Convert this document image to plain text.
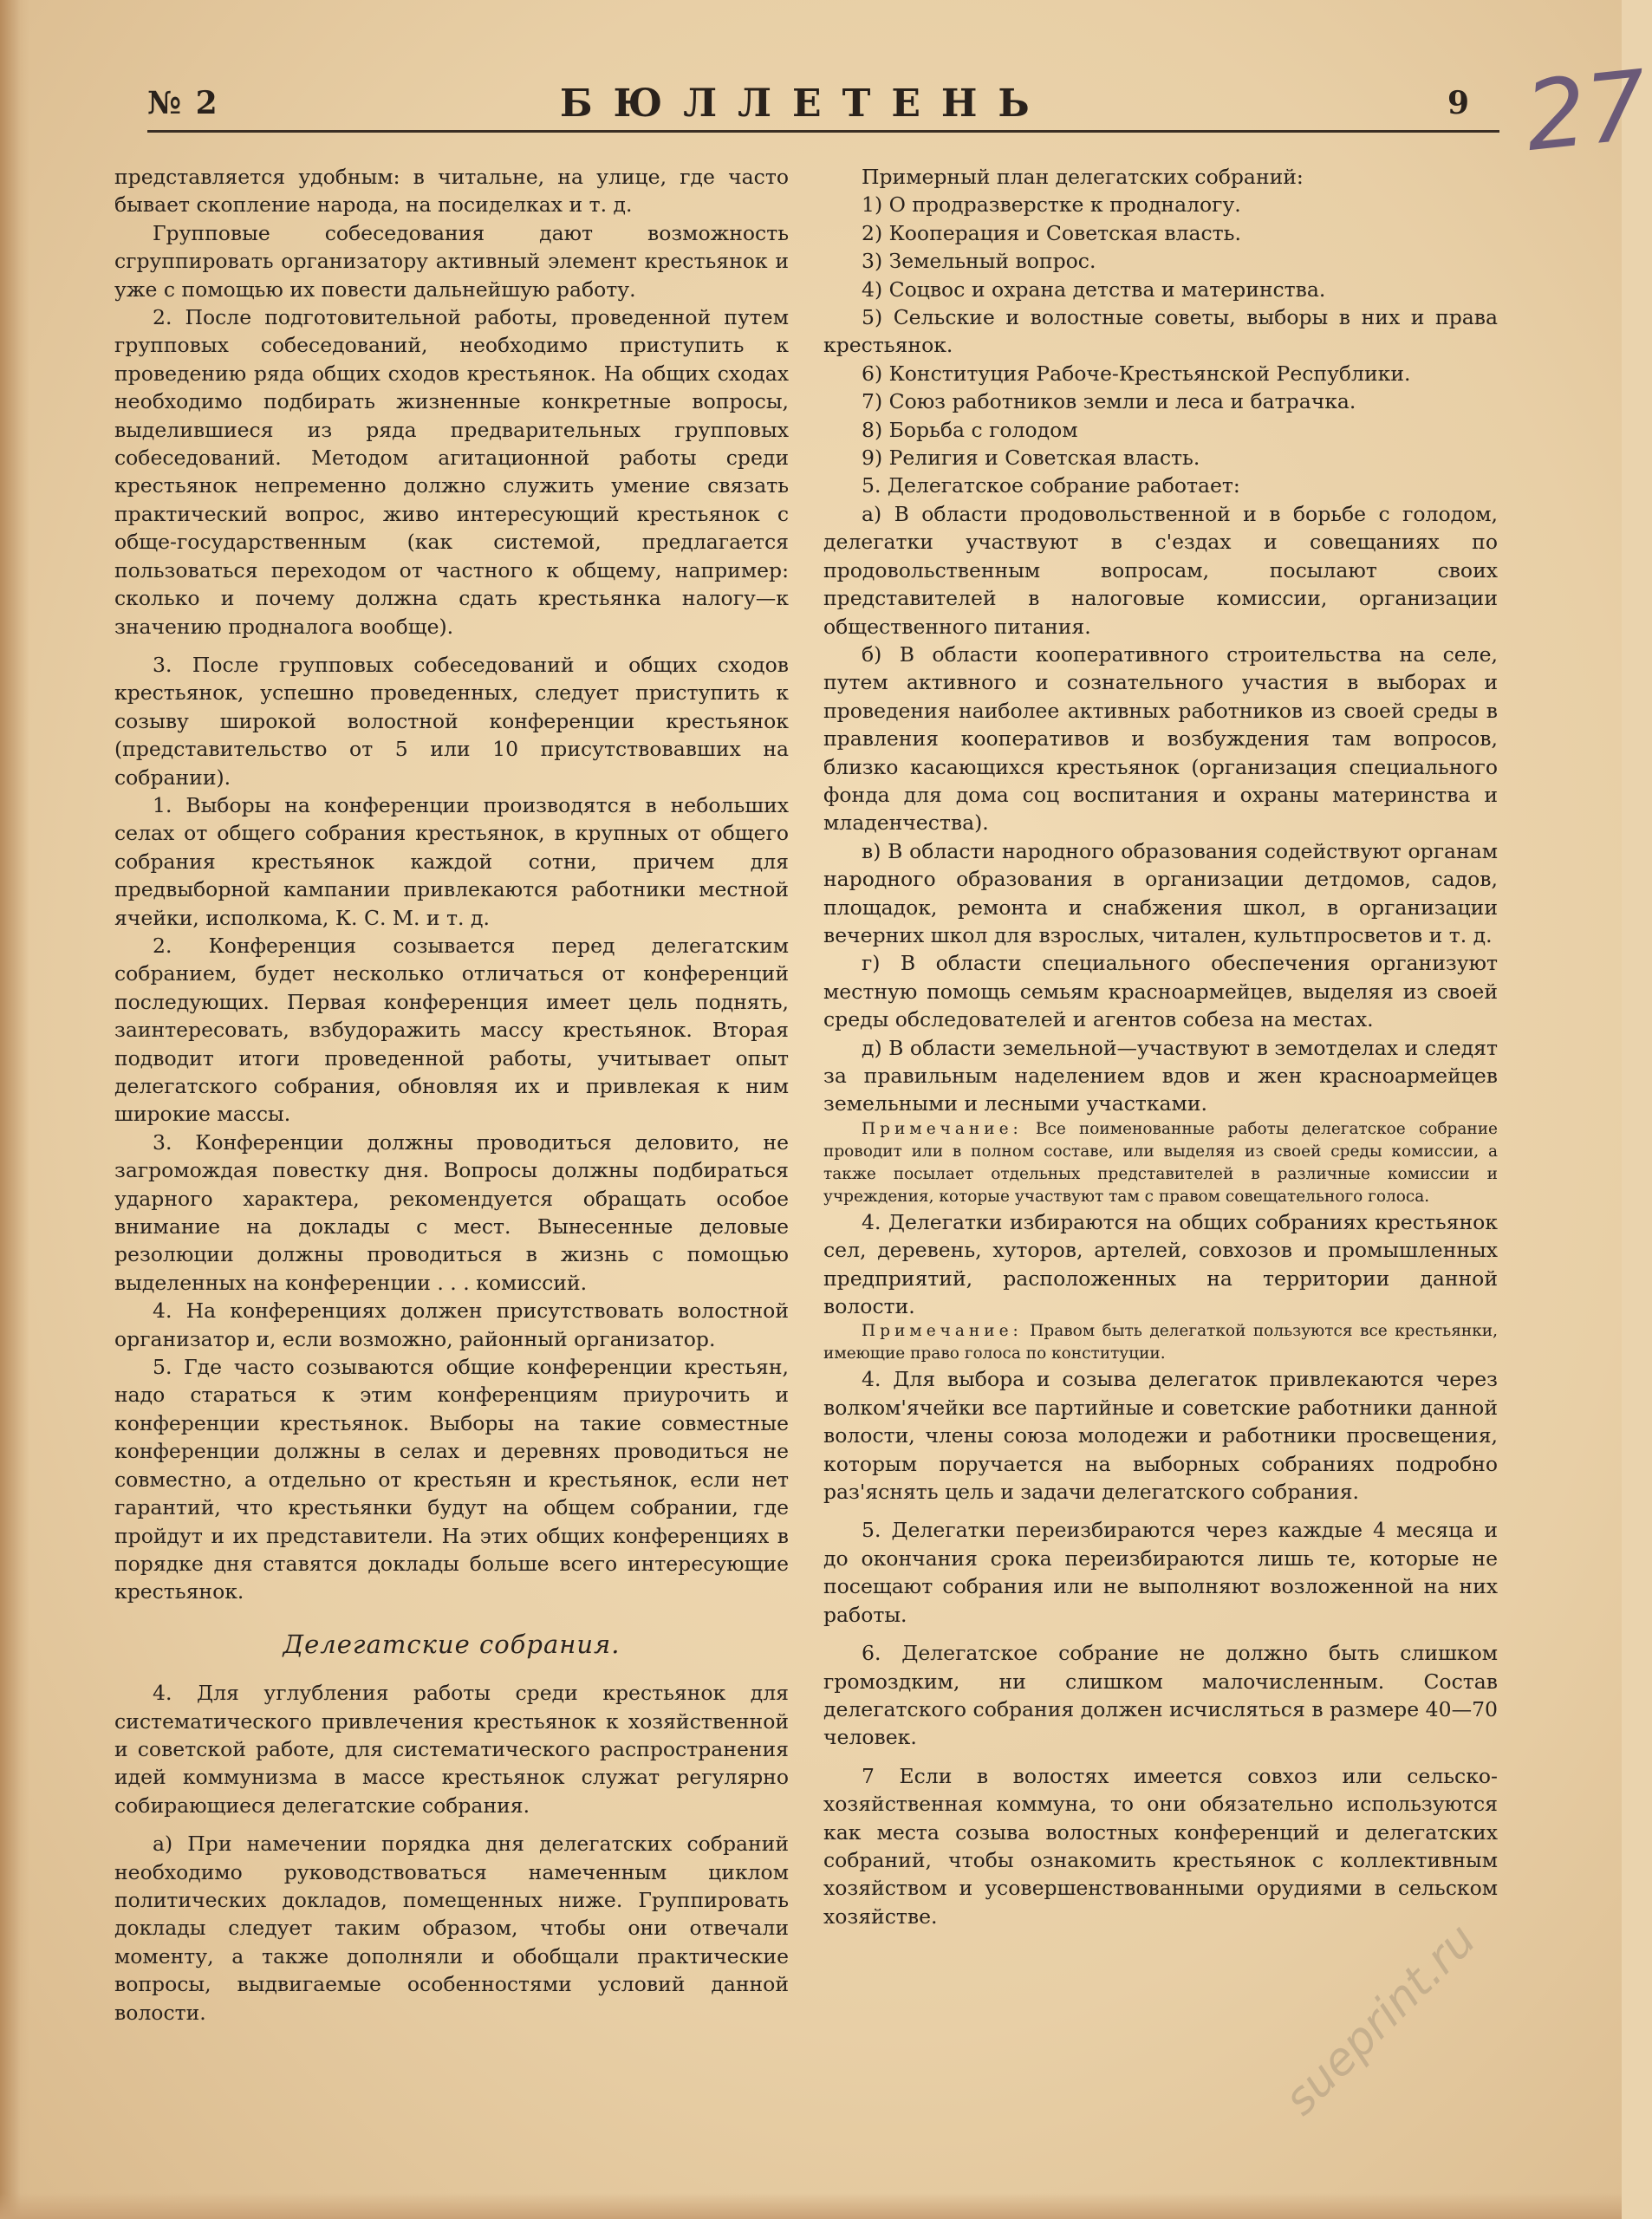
№ 2	БЮЛЛЕТЕНЬ	9 27

представляется удобным: в читальне, на улице, где часто бывает скопление народа, на посиделках и т. д.

Групповые собеседования дают возможность сгруппировать организатору активный элемент крестьянок и уже с помощью их повести дальнейшую работу.

2. После подготовительной работы, проведенной путем групповых собеседований, необходимо приступить к проведению ряда общих сходов крестьянок. На общих сходах необходимо подбирать жизненные конкретные вопросы, выделившиеся из ряда предварительных групповых собеседований. Методом агитационной работы среди крестьянок непременно должно служить умение связать практический вопрос, живо интересующий крестьянок с обще-государственным (как системой, предлагается пользоваться переходом от частного к общему, например: сколько и почему должна сдать крестьянка налогу—к значению продналога вообще).

3. После групповых собеседований и общих сходов крестьянок, успешно проведенных, следует приступить к созыву широкой волостной конференции крестьянок (представительство от 5 или 10 присутствовавших на собрании).

1. Выборы на конференции производятся в небольших селах от общего собрания крестьянок, в крупных от общего собрания крестьянок каждой сотни, причем для предвыборной кампании привлекаются работники местной ячейки, исполкома, К. С. М. и т. д.

2. Конференция созывается перед делегатским собранием, будет несколько отличаться от конференций последующих. Первая конференция имеет цель поднять, заинтересовать, взбудоражить массу крестьянок. Вторая подводит итоги проведенной работы, учитывает опыт делегатского собрания, обновляя их и привлекая к ним широкие массы.

3. Конференции должны проводиться деловито, не загромождая повестку дня. Вопросы должны подбираться ударного характера, рекомендуется обращать особое внимание на доклады с мест. Вынесенные деловые резолюции должны проводиться в жизнь с помощью выделенных на конференции . . . комиссий.

4. На конференциях должен присутствовать волостной организатор и, если возможно, районный организатор.

5. Где часто созываются общие конференции крестьян, надо стараться к этим конференциям приурочить и конференции крестьянок. Выборы на такие совместные конференции должны в селах и деревнях проводиться не совместно, а отдельно от крестьян и крестьянок, если нет гарантий, что крестьянки будут на общем собрании, где пройдут и их представители. На этих общих конференциях в порядке дня ставятся доклады больше всего интересующие крестьянок.

Делегатские собрания.

4. Для углубления работы среди крестьянок для систематического привлечения крестьянок к хозяйственной и советской работе, для систематического распространения идей коммунизма в массе крестьянок служат регулярно собирающиеся делегатские собрания.

а) При намечении порядка дня делегатских собраний необходимо руководствоваться намеченным циклом политических докладов, помещенных ниже. Группировать доклады следует таким образом, чтобы они отвечали моменту, а также дополняли и обобщали практические вопросы, выдвигаемые особенностями условий данной волости.

Примерный план делегатских собраний:

1) О продразверстке к продналогу.
2) Кооперация и Советская власть.
3) Земельный вопрос.
4) Соцвос и охрана детства и материнства.
5) Сельские и волостные советы, выборы в них и права крестьянок.
6) Конституция Рабоче-Крестьянской Республики.
7) Союз работников земли и леса и батрачка.
8) Борьба с голодом
9) Религия и Советская власть.

5. Делегатское собрание работает:

а) В области продовольственной и в борьбе с голодом, делегатки участвуют в с'ездах и совещаниях по продовольственным вопросам, посылают своих представителей в налоговые комиссии, организации общественного питания.

б) В области кооперативного строительства на селе, путем активного и сознательного участия в выборах и проведения наиболее активных работников из своей среды в правления кооперативов и возбуждения там вопросов, близко касающихся крестьянок (организация специального фонда для дома соц воспитания и охраны материнства и младенчества).

в) В области народного образования содействуют органам народного образования в организации детдомов, садов, площадок, ремонта и снабжения школ, в организации вечерних школ для взрослых, читален, культпросветов и т. д.

г) В области специального обеспечения организуют местную помощь семьям красноармейцев, выделяя из своей среды обследователей и агентов собеза на местах.

д) В области земельной—участвуют в земотделах и следят за правильным наделением вдов и жен красноармейцев земельными и лесными участками.

Примечание: Все поименованные работы делегатское собрание проводит или в полном составе, или выделяя из своей среды комиссии, а также посылает отдельных представителей в различные комиссии и учреждения, которые участвуют там с правом совещательного голоса.

4. Делегатки избираются на общих собраниях крестьянок сел, деревень, хуторов, артелей, совхозов и промышленных предприятий, расположенных на территории данной волости.

Примечание: Правом быть делегаткой пользуются все крестьянки, имеющие право голоса по конституции.

4. Для выбора и созыва делегаток привлекаются через волком'ячейки все партийные и советские работники данной волости, члены союза молодежи и работники просвещения, которым поручается на выборных собраниях подробно раз'яснять цель и задачи делегатского собрания.

5. Делегатки переизбираются через каждые 4 месяца и до окончания срока переизбираются лишь те, которые не посещают собрания или не выполняют возложенной на них работы.

6. Делегатское собрание не должно быть слишком громоздким, ни слишком малочисленным. Состав делегатского собрания должен исчисляться в размере 40—70 человек.

7 Если в волостях имеется совхоз или сельско-хозяйственная коммуна, то они обязательно используются как места созыва волостных конференций и делегатских собраний, чтобы ознакомить крестьянок с коллективным хозяйством и усовершенствованными орудиями в сельском хозяйстве.	sueprint.ru
